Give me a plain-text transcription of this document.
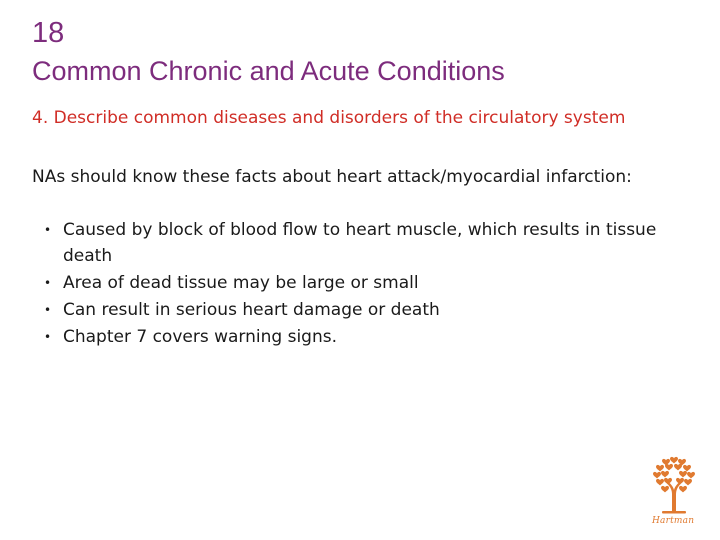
18
Common Chronic and Acute Conditions
4. Describe common diseases and disorders of the circulatory system
NAs should know these facts about heart attack/myocardial infarction:
• Caused by block of blood flow to heart muscle, which results in tissue death
• Area of dead tissue may be large or small
• Can result in serious heart damage or death
• Chapter 7 covers warning signs.
Hartman
